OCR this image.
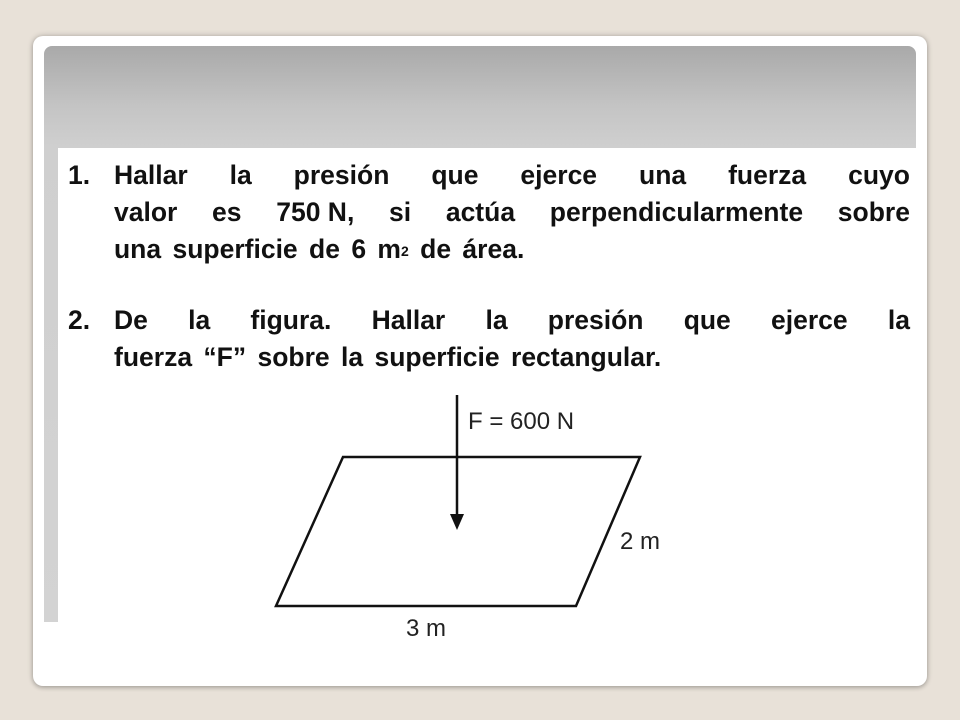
1. Hallar la presión que ejerce una fuerza cuyo
valor es 750 N, si actúa perpendicularmente sobre
una superficie de 6 $m^2$ de área.
2. De la figura. Hallar la presión que ejerce la
fuerza “F” sobre la superficie rectangular.
F = 600 N
2 m
3 m
